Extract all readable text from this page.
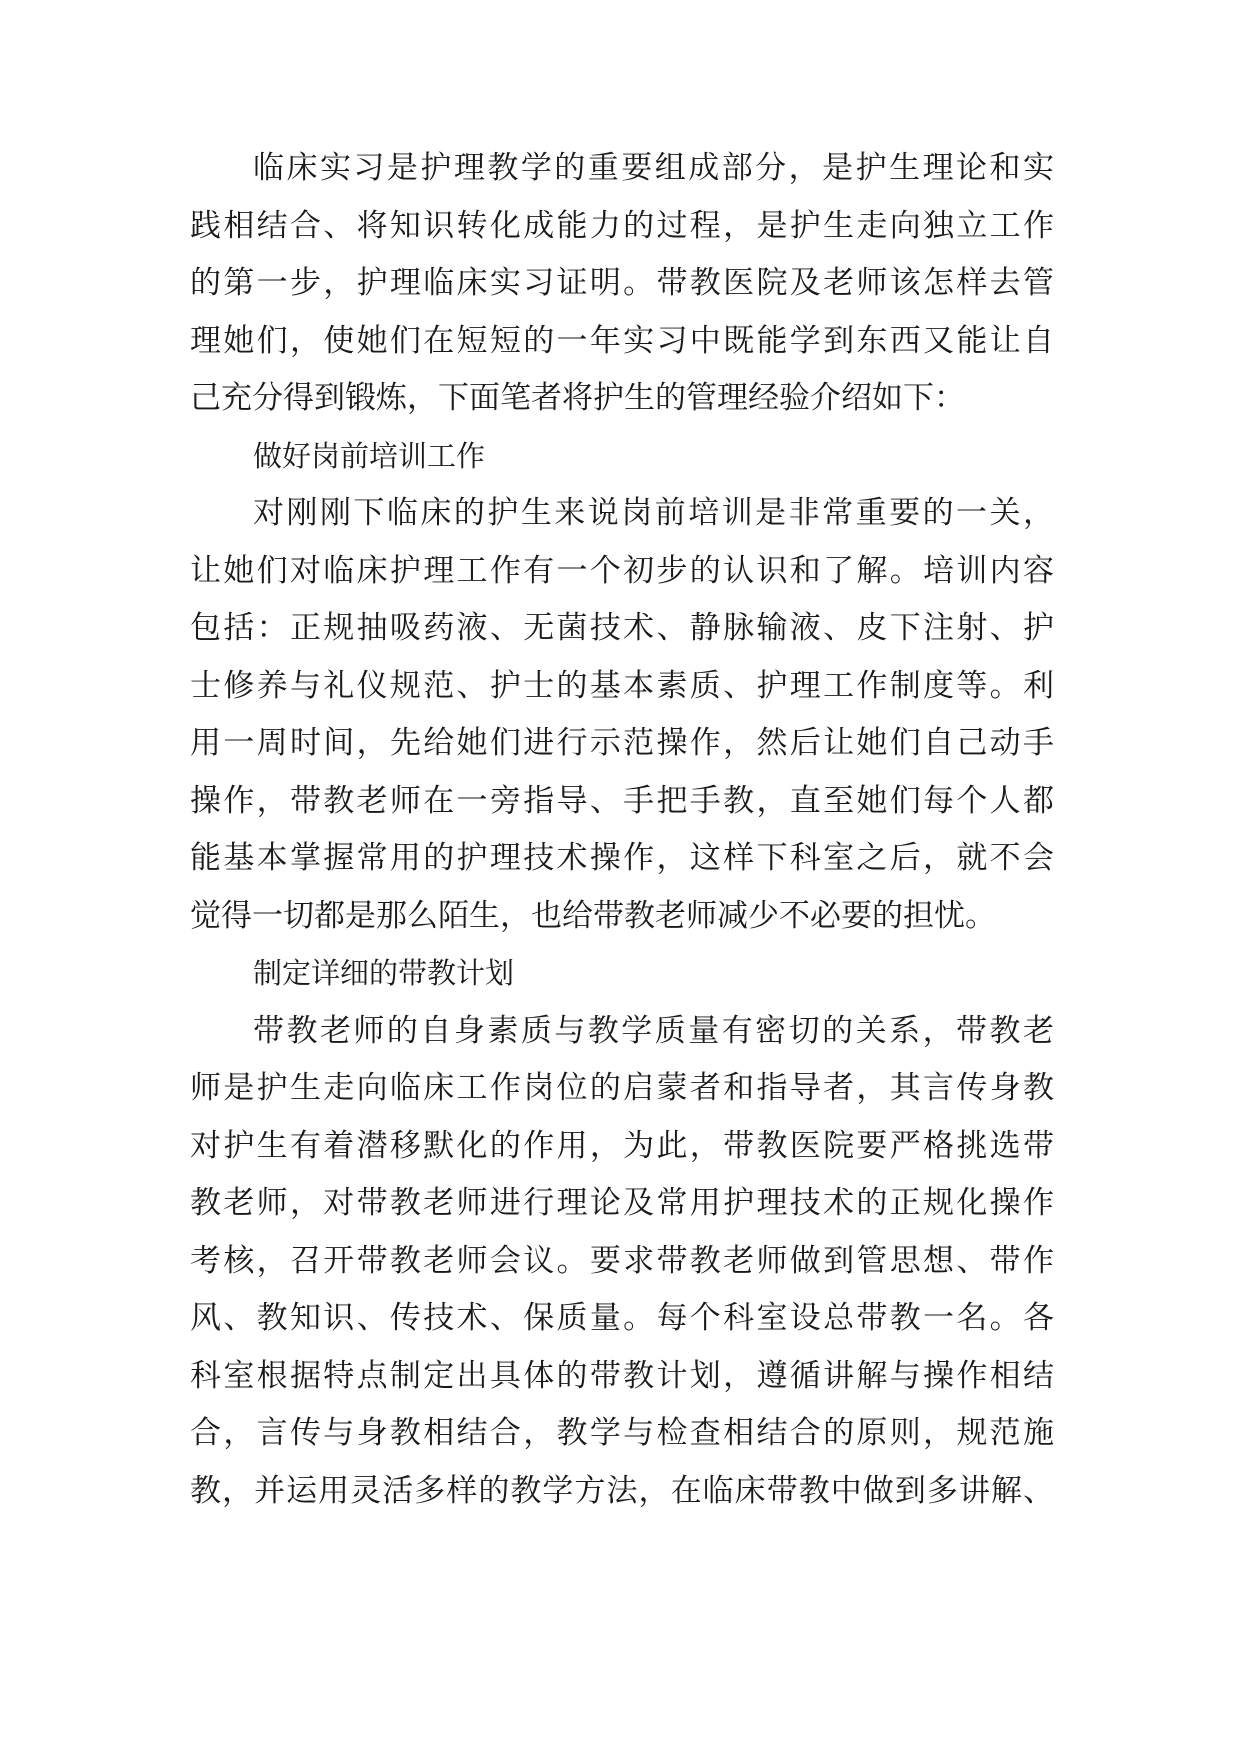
临床实习是护理教学的重要组成部分，是护生理论和实
践相结合、将知识转化成能力的过程，是护生走向独立工作
的第一步，护理临床实习证明。带教医院及老师该怎样去管
理她们，使她们在短短的一年实习中既能学到东西又能让自
己充分得到锻炼，下面笔者将护生的管理经验介绍如下：
做好岗前培训工作
对刚刚下临床的护生来说岗前培训是非常重要的一关，
让她们对临床护理工作有一个初步的认识和了解。培训内容
包括：正规抽吸药液、无菌技术、静脉输液、皮下注射、护
士修养与礼仪规范、护士的基本素质、护理工作制度等。利
用一周时间，先给她们进行示范操作，然后让她们自己动手
操作，带教老师在一旁指导、手把手教，直至她们每个人都
能基本掌握常用的护理技术操作，这样下科室之后，就不会
觉得一切都是那么陌生，也给带教老师减少不必要的担忧。
制定详细的带教计划
带教老师的自身素质与教学质量有密切的关系，带教老
师是护生走向临床工作岗位的启蒙者和指导者，其言传身教
对护生有着潜移默化的作用，为此，带教医院要严格挑选带
教老师，对带教老师进行理论及常用护理技术的正规化操作
考核，召开带教老师会议。要求带教老师做到管思想、带作
风、教知识、传技术、保质量。每个科室设总带教一名。各
科室根据特点制定出具体的带教计划，遵循讲解与操作相结
合，言传与身教相结合，教学与检查相结合的原则，规范施
教，并运用灵活多样的教学方法，在临床带教中做到多讲解、
